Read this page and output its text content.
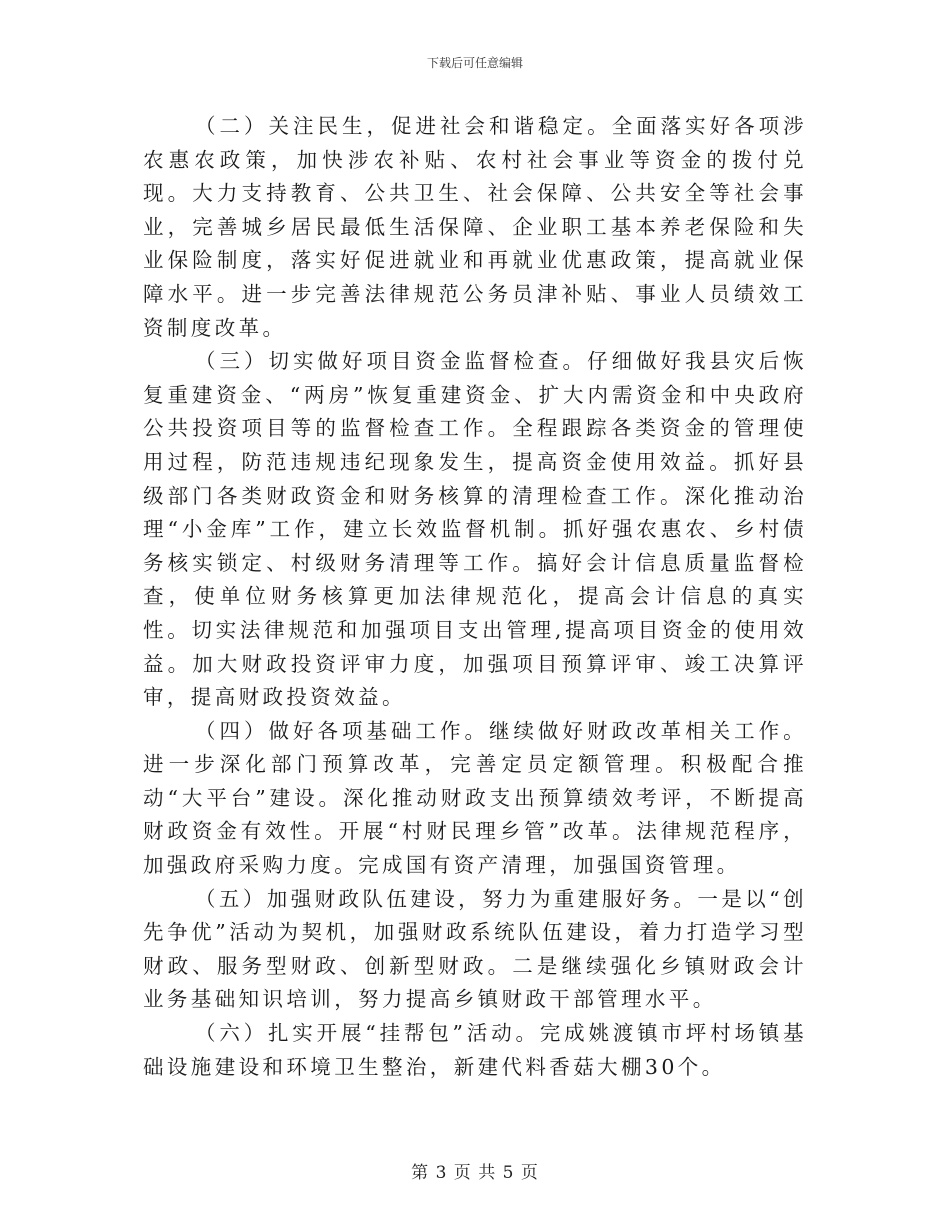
下载后可任意编辑

（二）关注民生，促进社会和谐稳定。全面落实好各项涉农惠农政策，加快涉农补贴、农村社会事业等资金的拨付兑现。大力支持教育、公共卫生、社会保障、公共安全等社会事业，完善城乡居民最低生活保障、企业职工基本养老保险和失业保险制度，落实好促进就业和再就业优惠政策，提高就业保障水平。进一步完善法律规范公务员津补贴、事业人员绩效工资制度改革。

（三）切实做好项目资金监督检查。仔细做好我县灾后恢复重建资金、“两房”恢复重建资金、扩大内需资金和中央政府公共投资项目等的监督检查工作。全程跟踪各类资金的管理使用过程，防范违规违纪现象发生，提高资金使用效益。抓好县级部门各类财政资金和财务核算的清理检查工作。深化推动治理“小金库”工作，建立长效监督机制。抓好强农惠农、乡村债务核实锁定、村级财务清理等工作。搞好会计信息质量监督检查，使单位财务核算更加法律规范化，提高会计信息的真实性。切实法律规范和加强项目支出管理,提高项目资金的使用效益。加大财政投资评审力度，加强项目预算评审、竣工决算评审，提高财政投资效益。

（四）做好各项基础工作。继续做好财政改革相关工作。进一步深化部门预算改革，完善定员定额管理。积极配合推动“大平台”建设。深化推动财政支出预算绩效考评，不断提高财政资金有效性。开展“村财民理乡管”改革。法律规范程序，加强政府采购力度。完成国有资产清理，加强国资管理。

（五）加强财政队伍建设，努力为重建服好务。一是以“创先争优”活动为契机，加强财政系统队伍建设，着力打造学习型财政、服务型财政、创新型财政。二是继续强化乡镇财政会计业务基础知识培训，努力提高乡镇财政干部管理水平。

（六）扎实开展“挂帮包”活动。完成姚渡镇市坪村场镇基础设施建设和环境卫生整治，新建代料香菇大棚30个。

第 3 页 共 5 页
